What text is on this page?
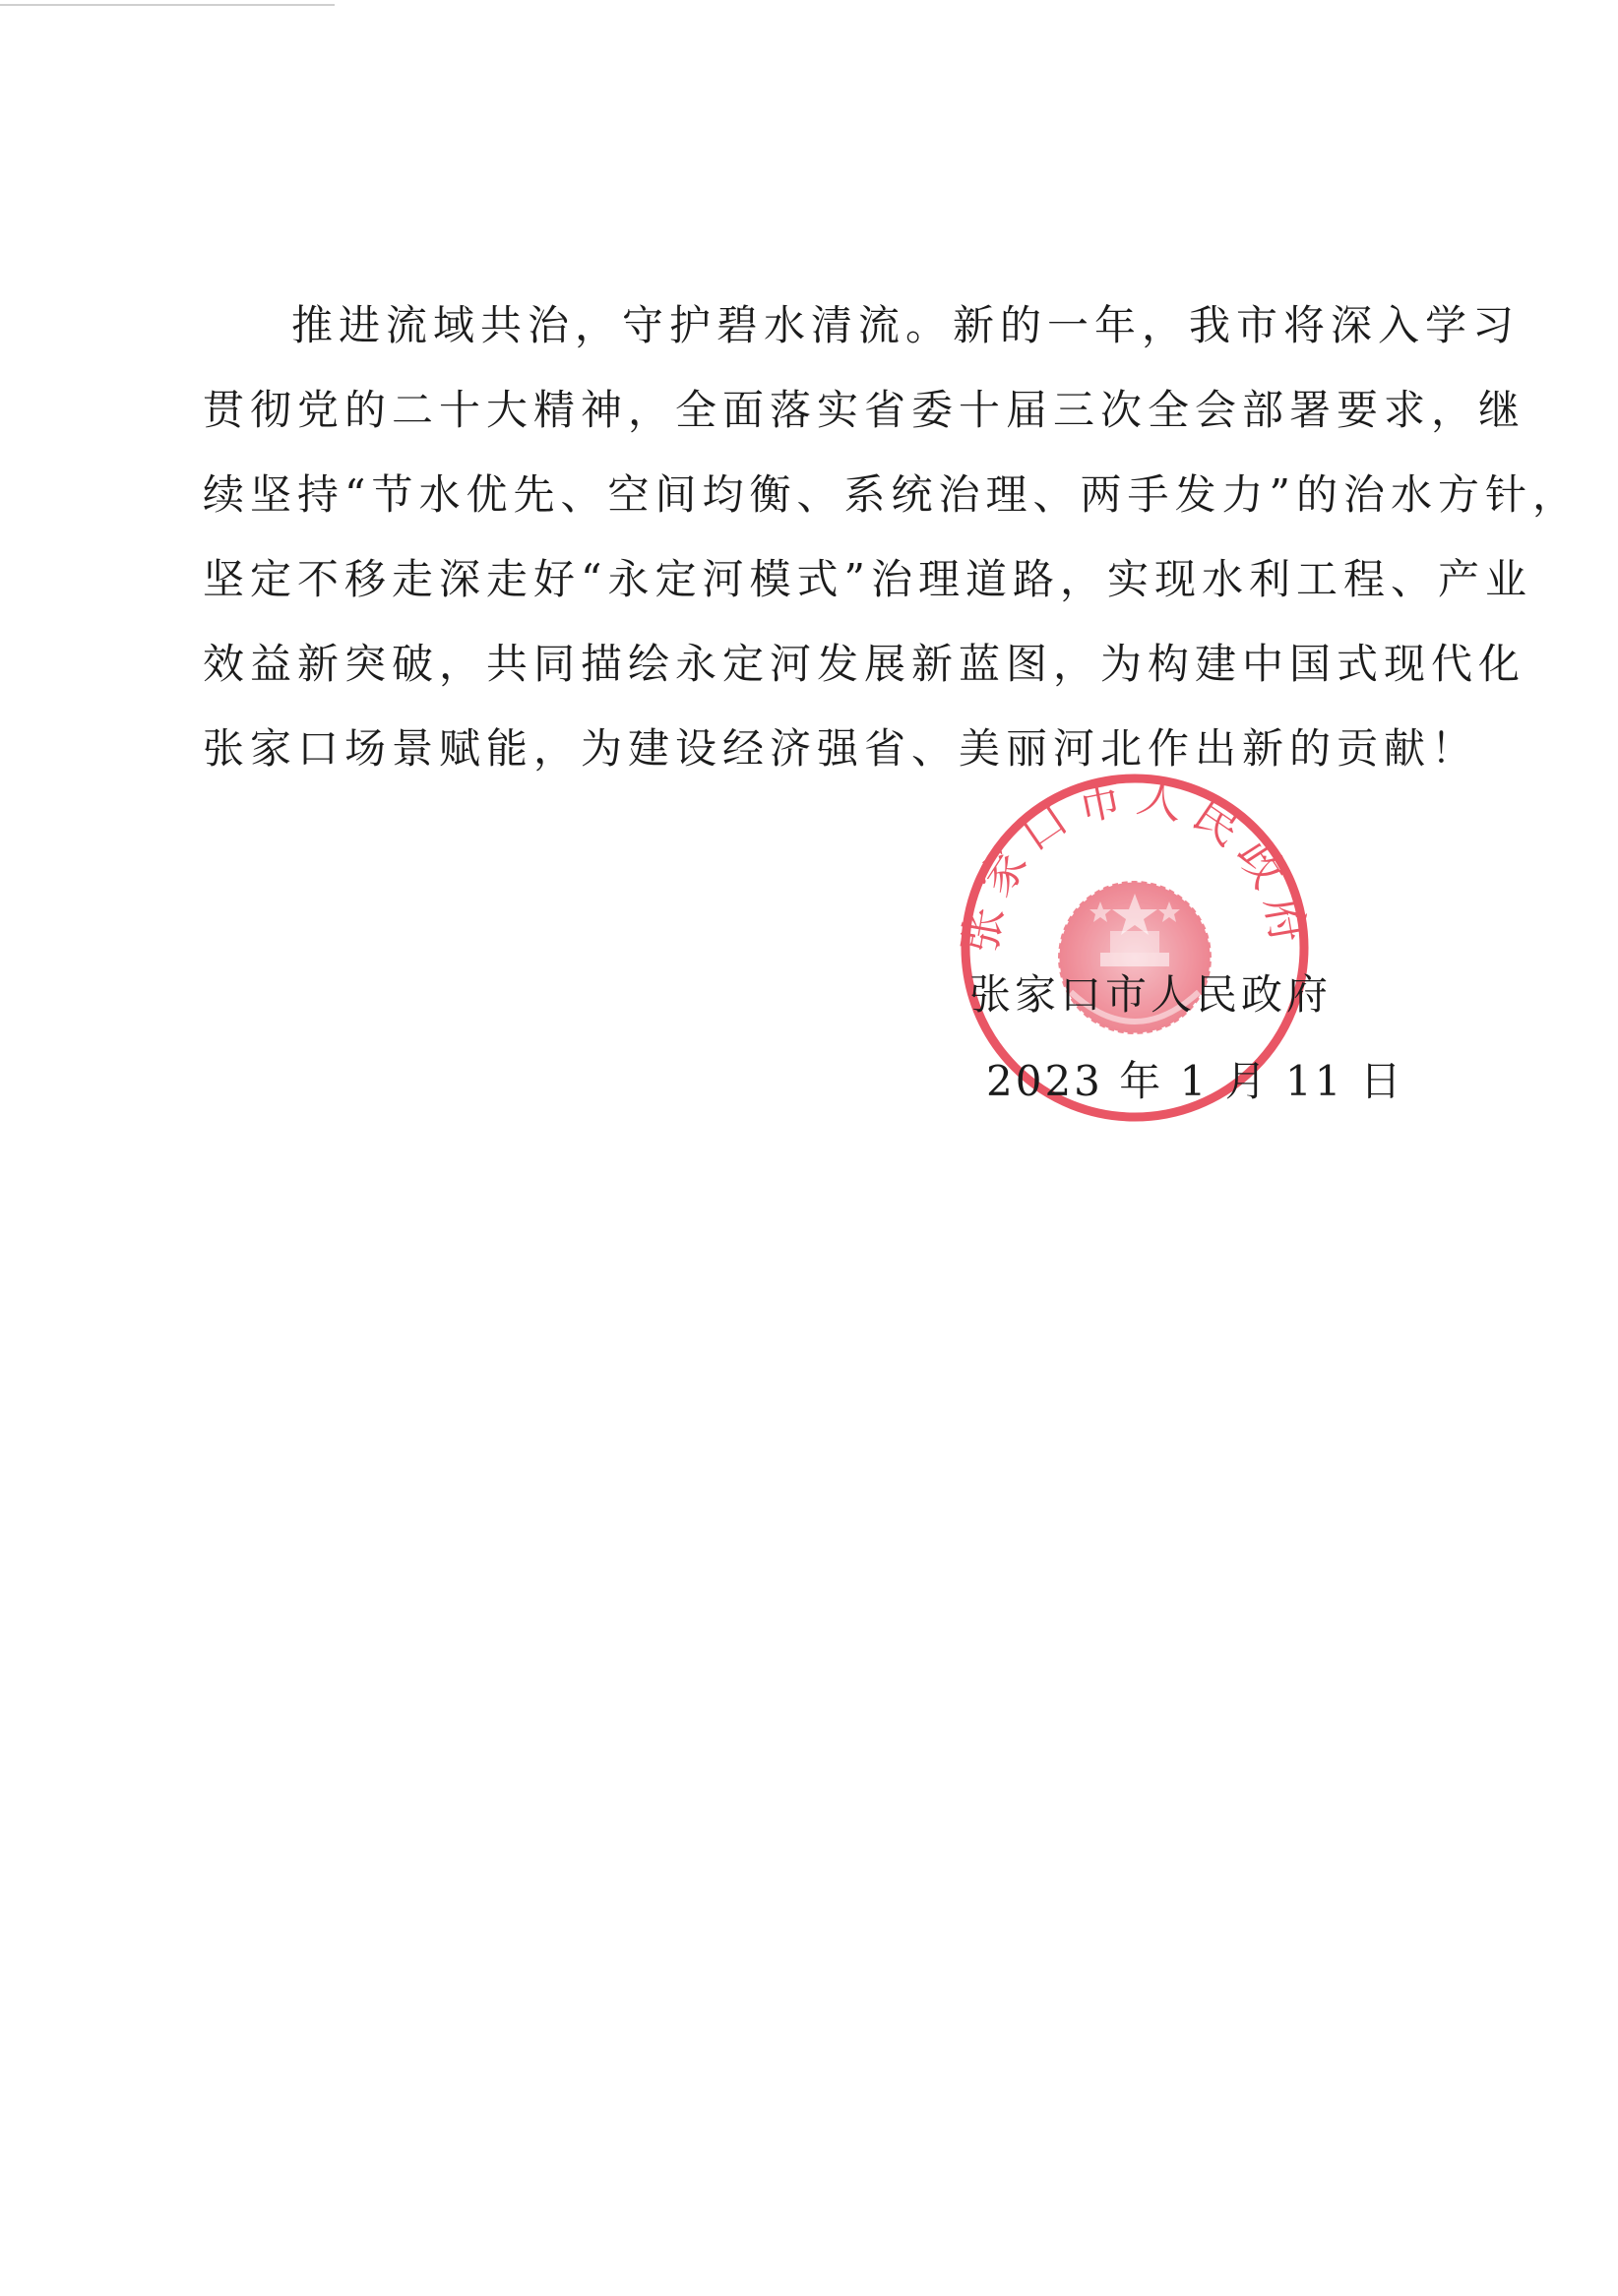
推进流域共治，守护碧水清流。新的一年，我市将深入学习
贯彻党的二十大精神，全面落实省委十届三次全会部署要求，继
续坚持“节水优先、空间均衡、系统治理、两手发力”的治水方针，
坚定不移走深走好“永定河模式”治理道路，实现水利工程、产业
效益新突破，共同描绘永定河发展新蓝图，为构建中国式现代化
张家口场景赋能，为建设经济强省、美丽河北作出新的贡献！
张家口市人民政府
张家口市人民政府
2023 年 1 月 11 日
